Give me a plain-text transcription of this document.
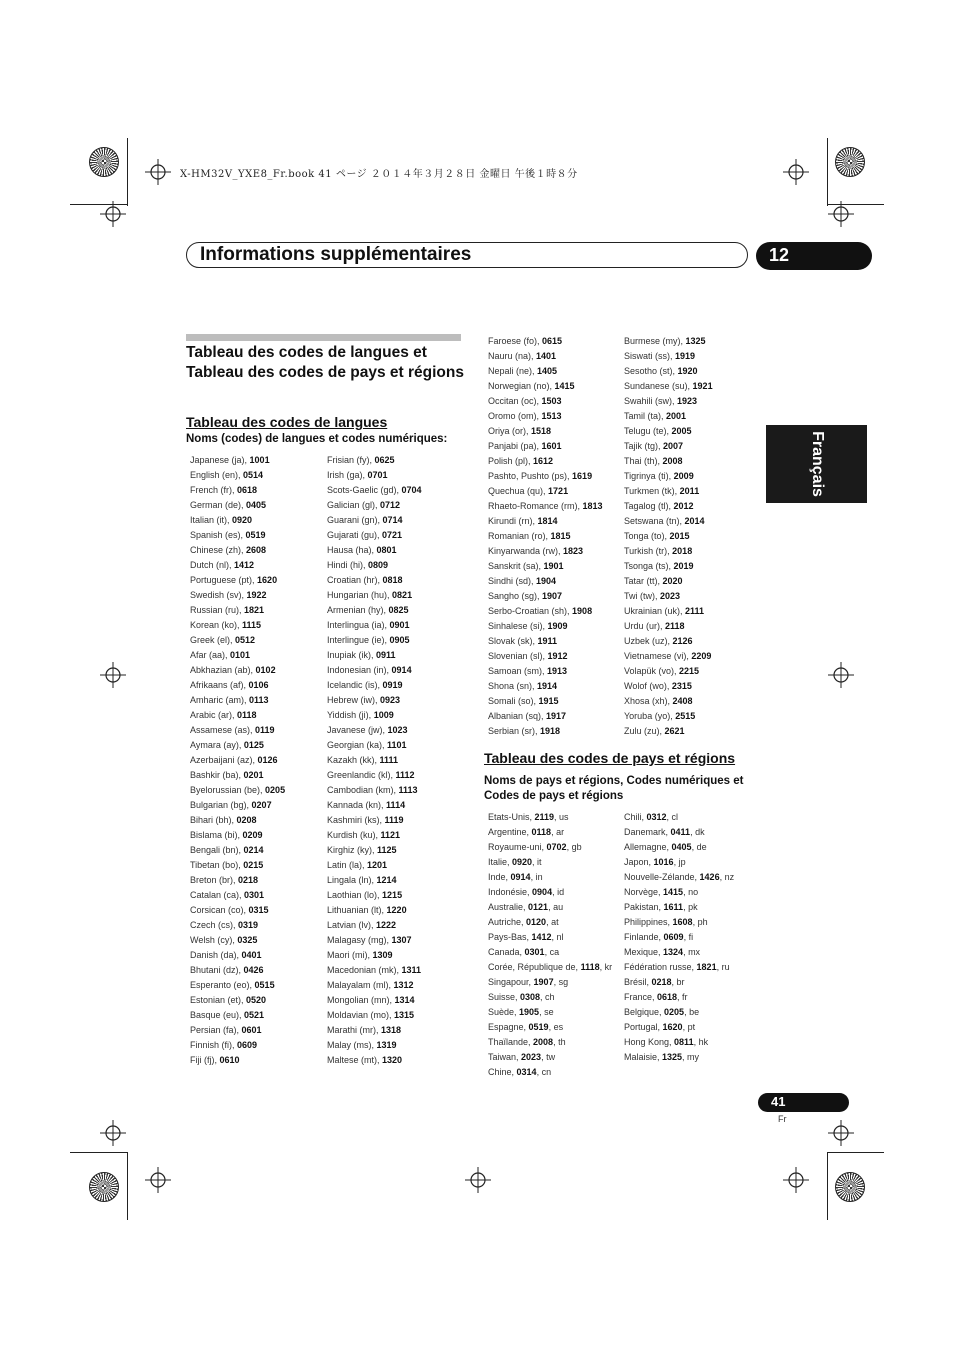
X-HM32V_YXE8_Fr.book 41 ページ ２０１４年３月２８日 金曜日 午後１時８分
Informations supplémentaires	12
Français
Tableau des codes de langues et Tableau des codes de pays et régions
Tableau des codes de langues
Noms (codes) de langues et codes numériques:
Japanese (ja), 1001
English (en), 0514
French (fr), 0618
German (de), 0405
Italian (it), 0920
Spanish (es), 0519
Chinese (zh), 2608
Dutch (nl), 1412
Portuguese (pt), 1620
Swedish (sv), 1922
Russian (ru), 1821
Korean (ko), 1115
Greek (el), 0512
Afar (aa), 0101
Abkhazian (ab), 0102
Afrikaans (af), 0106
Amharic (am), 0113
Arabic (ar), 0118
Assamese (as), 0119
Aymara (ay), 0125
Azerbaijani (az), 0126
Bashkir (ba), 0201
Byelorussian (be), 0205
Bulgarian (bg), 0207
Bihari (bh), 0208
Bislama (bi), 0209
Bengali (bn), 0214
Tibetan (bo), 0215
Breton (br), 0218
Catalan (ca), 0301
Corsican (co), 0315
Czech (cs), 0319
Welsh (cy), 0325
Danish (da), 0401
Bhutani (dz), 0426
Esperanto (eo), 0515
Estonian (et), 0520
Basque (eu), 0521
Persian (fa), 0601
Finnish (fi), 0609
Fiji (fj), 0610
Frisian (fy), 0625
Irish (ga), 0701
Scots-Gaelic (gd), 0704
Galician (gl), 0712
Guarani (gn), 0714
Gujarati (gu), 0721
Hausa (ha), 0801
Hindi (hi), 0809
Croatian (hr), 0818
Hungarian (hu), 0821
Armenian (hy), 0825
Interlingua (ia), 0901
Interlingue (ie), 0905
Inupiak (ik), 0911
Indonesian (in), 0914
Icelandic (is), 0919
Hebrew (iw), 0923
Yiddish (ji), 1009
Javanese (jw), 1023
Georgian (ka), 1101
Kazakh (kk), 1111
Greenlandic (kl), 1112
Cambodian (km), 1113
Kannada (kn), 1114
Kashmiri (ks), 1119
Kurdish (ku), 1121
Kirghiz (ky), 1125
Latin (la), 1201
Lingala (ln), 1214
Laothian (lo), 1215
Lithuanian (lt), 1220
Latvian (lv), 1222
Malagasy (mg), 1307
Maori (mi), 1309
Macedonian (mk), 1311
Malayalam (ml), 1312
Mongolian (mn), 1314
Moldavian (mo), 1315
Marathi (mr), 1318
Malay (ms), 1319
Maltese (mt), 1320
Faroese (fo), 0615
Nauru (na), 1401
Nepali (ne), 1405
Norwegian (no), 1415
Occitan (oc), 1503
Oromo (om), 1513
Oriya (or), 1518
Panjabi (pa), 1601
Polish (pl), 1612
Pashto, Pushto (ps), 1619
Quechua (qu), 1721
Rhaeto-Romance (rm), 1813
Kirundi (rn), 1814
Romanian (ro), 1815
Kinyarwanda (rw), 1823
Sanskrit (sa), 1901
Sindhi (sd), 1904
Sangho (sg), 1907
Serbo-Croatian (sh), 1908
Sinhalese (si), 1909
Slovak (sk), 1911
Slovenian (sl), 1912
Samoan (sm), 1913
Shona (sn), 1914
Somali (so), 1915
Albanian (sq), 1917
Serbian (sr), 1918
Burmese (my), 1325
Siswati (ss), 1919
Sesotho (st), 1920
Sundanese (su), 1921
Swahili (sw), 1923
Tamil (ta), 2001
Telugu (te), 2005
Tajik (tg), 2007
Thai (th), 2008
Tigrinya (ti), 2009
Turkmen (tk), 2011
Tagalog (tl), 2012
Setswana (tn), 2014
Tonga (to), 2015
Turkish (tr), 2018
Tsonga (ts), 2019
Tatar (tt), 2020
Twi (tw), 2023
Ukrainian (uk), 2111
Urdu (ur), 2118
Uzbek (uz), 2126
Vietnamese (vi), 2209
Volapük (vo), 2215
Wolof (wo), 2315
Xhosa (xh), 2408
Yoruba (yo), 2515
Zulu (zu), 2621
Tableau des codes de pays et régions
Noms de pays et régions, Codes numériques et Codes de pays et régions
Etats-Unis, 2119, us
Argentine, 0118, ar
Royaume-uni, 0702, gb
Italie, 0920, it
Inde, 0914, in
Indonésie, 0904, id
Australie, 0121, au
Autriche, 0120, at
Pays-Bas, 1412, nl
Canada, 0301, ca
Corée, République de, 1118, kr
Singapour, 1907, sg
Suisse, 0308, ch
Suède, 1905, se
Espagne, 0519, es
Thaïlande, 2008, th
Taiwan, 2023, tw
Chine, 0314, cn
Chili, 0312, cl
Danemark, 0411, dk
Allemagne, 0405, de
Japon, 1016, jp
Nouvelle-Zélande, 1426, nz
Norvège, 1415, no
Pakistan, 1611, pk
Philippines, 1608, ph
Finlande, 0609, fi
Mexique, 1324, mx
Fédération russe, 1821, ru
Brésil, 0218, br
France, 0618, fr
Belgique, 0205, be
Portugal, 1620, pt
Hong Kong, 0811, hk
Malaisie, 1325, my
41
Fr
